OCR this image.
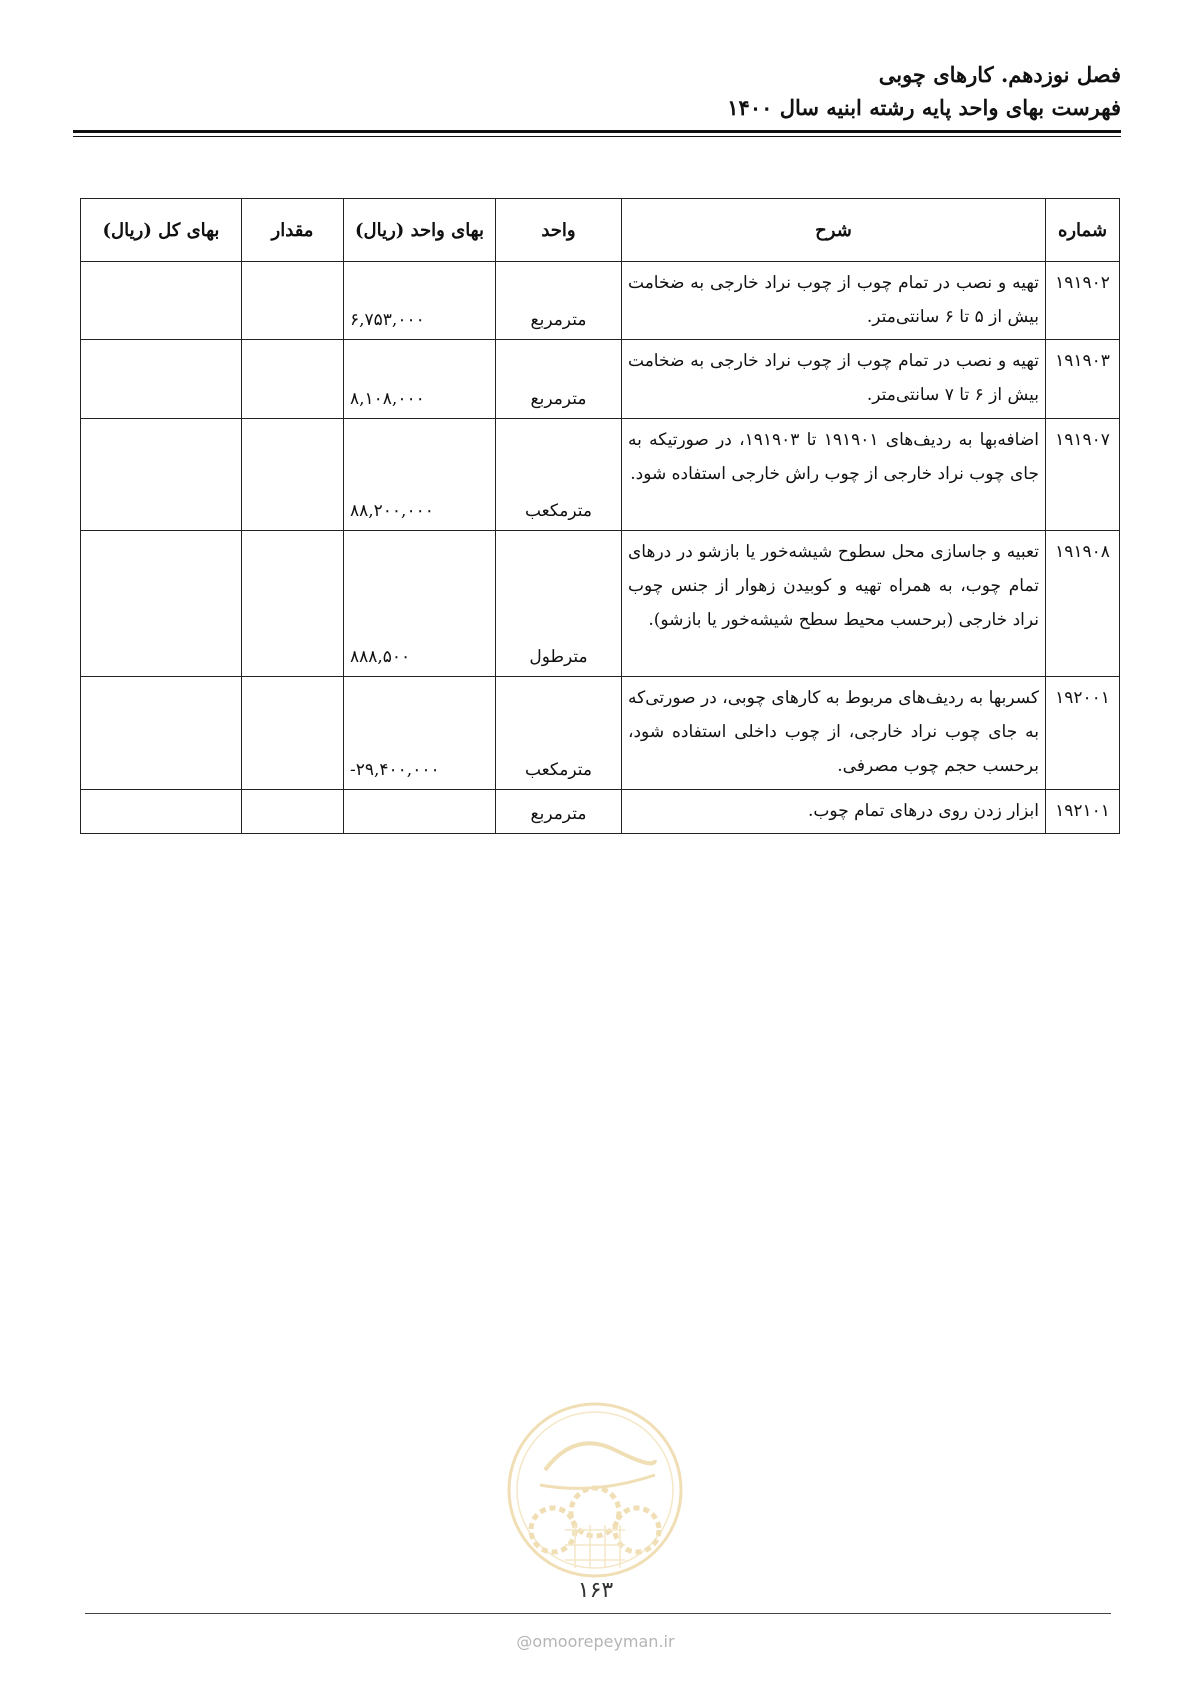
فصل نوزدهم. کارهای چوبی
فهرست بهای واحد پایه رشته ابنیه سال ۱۴۰۰
شماره	شرح	واحد	بهای واحد (ریال)	مقدار	بهای کل (ریال)
۱۹۱۹۰۲	تهیه و نصب در تمام چوب از چوب نراد خارجی به ضخامت بیش از ۵ تا ۶ سانتی‌متر.	مترمربع	۶,۷۵۳,۰۰۰		
۱۹۱۹۰۳	تهیه و نصب در تمام چوب از چوب نراد خارجی به ضخامت بیش از ۶ تا ۷ سانتی‌متر.	مترمربع	۸,۱۰۸,۰۰۰		
۱۹۱۹۰۷	اضافه‌بها به ردیف‌های ۱۹۱۹۰۱ تا ۱۹۱۹۰۳، در صورتیکه به جای چوب نراد خارجی از چوب راش خارجی استفاده شود.	مترمکعب	۸۸,۲۰۰,۰۰۰		
۱۹۱۹۰۸	تعبیه و جاسازی محل سطوح شیشه‌خور یا بازشو در درهای تمام چوب، به همراه تهیه و کوبیدن زهوار از جنس چوب نراد خارجی (برحسب محیط سطح شیشه‌خور یا بازشو).	مترطول	۸۸۸,۵۰۰		
۱۹۲۰۰۱	کسربها به ردیف‌های مربوط به کارهای چوبی، در صورتی‌که به جای چوب نراد خارجی، از چوب داخلی استفاده شود، برحسب حجم چوب مصرفی.	مترمکعب	-۲۹,۴۰۰,۰۰۰		
۱۹۲۱۰۱	ابزار زدن روی درهای تمام چوب.	مترمربع			
۱۶۳
@omoorepeyman.ir
